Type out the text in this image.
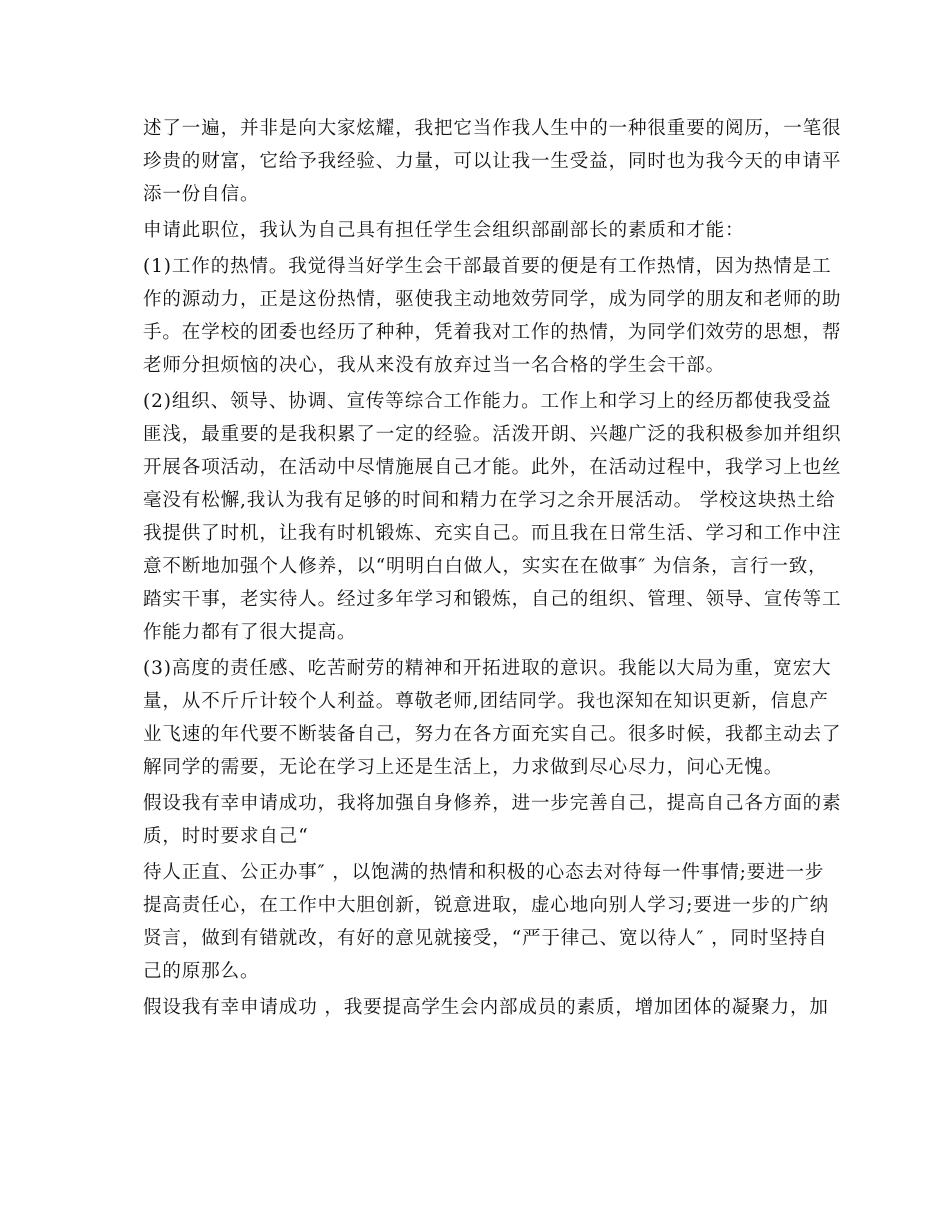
述了一遍，并非是向大家炫耀，我把它当作我人生中的一种很重要的阅历，一笔很
珍贵的财富，它给予我经验、力量，可以让我一生受益，同时也为我今天的申请平
添一份自信。
申请此职位，我认为自己具有担任学生会组织部副部长的素质和才能：
(1)工作的热情。我觉得当好学生会干部最首要的便是有工作热情，因为热情是工
作的源动力，正是这份热情，驱使我主动地效劳同学，成为同学的朋友和老师的助
手。在学校的团委也经历了种种，凭着我对工作的热情，为同学们效劳的思想，帮
老师分担烦恼的决心，我从来没有放弃过当一名合格的学生会干部。
(2)组织、领导、协调、宣传等综合工作能力。工作上和学习上的经历都使我受益
匪浅，最重要的是我积累了一定的经验。活泼开朗、兴趣广泛的我积极参加并组织
开展各项活动，在活动中尽情施展自己才能。此外，在活动过程中，我学习上也丝
毫没有松懈,我认为我有足够的时间和精力在学习之余开展活动。 学校这块热土给
我提供了时机，让我有时机锻炼、充实自己。而且我在日常生活、学习和工作中注
意不断地加强个人修养，以“明明白白做人，实实在在做事″ 为信条，言行一致，
踏实干事，老实待人。经过多年学习和锻炼，自己的组织、管理、领导、宣传等工
作能力都有了很大提高。
(3)高度的责任感、吃苦耐劳的精神和开拓进取的意识。我能以大局为重，宽宏大
量，从不斤斤计较个人利益。尊敬老师,团结同学。我也深知在知识更新，信息产
业飞速的年代要不断装备自己，努力在各方面充实自己。很多时候，我都主动去了
解同学的需要，无论在学习上还是生活上，力求做到尽心尽力，问心无愧。
假设我有幸申请成功，我将加强自身修养，进一步完善自己，提高自己各方面的素
质，时时要求自己“
待人正直、公正办事″ ，以饱满的热情和积极的心态去对待每一件事情;要进一步
提高责任心，在工作中大胆创新，锐意进取，虚心地向别人学习;要进一步的广纳
贤言，做到有错就改，有好的意见就接受，“严于律己、宽以待人″ ，同时坚持自
己的原那么。
假设我有幸申请成功 ，我要提高学生会内部成员的素质，增加团体的凝聚力，加
